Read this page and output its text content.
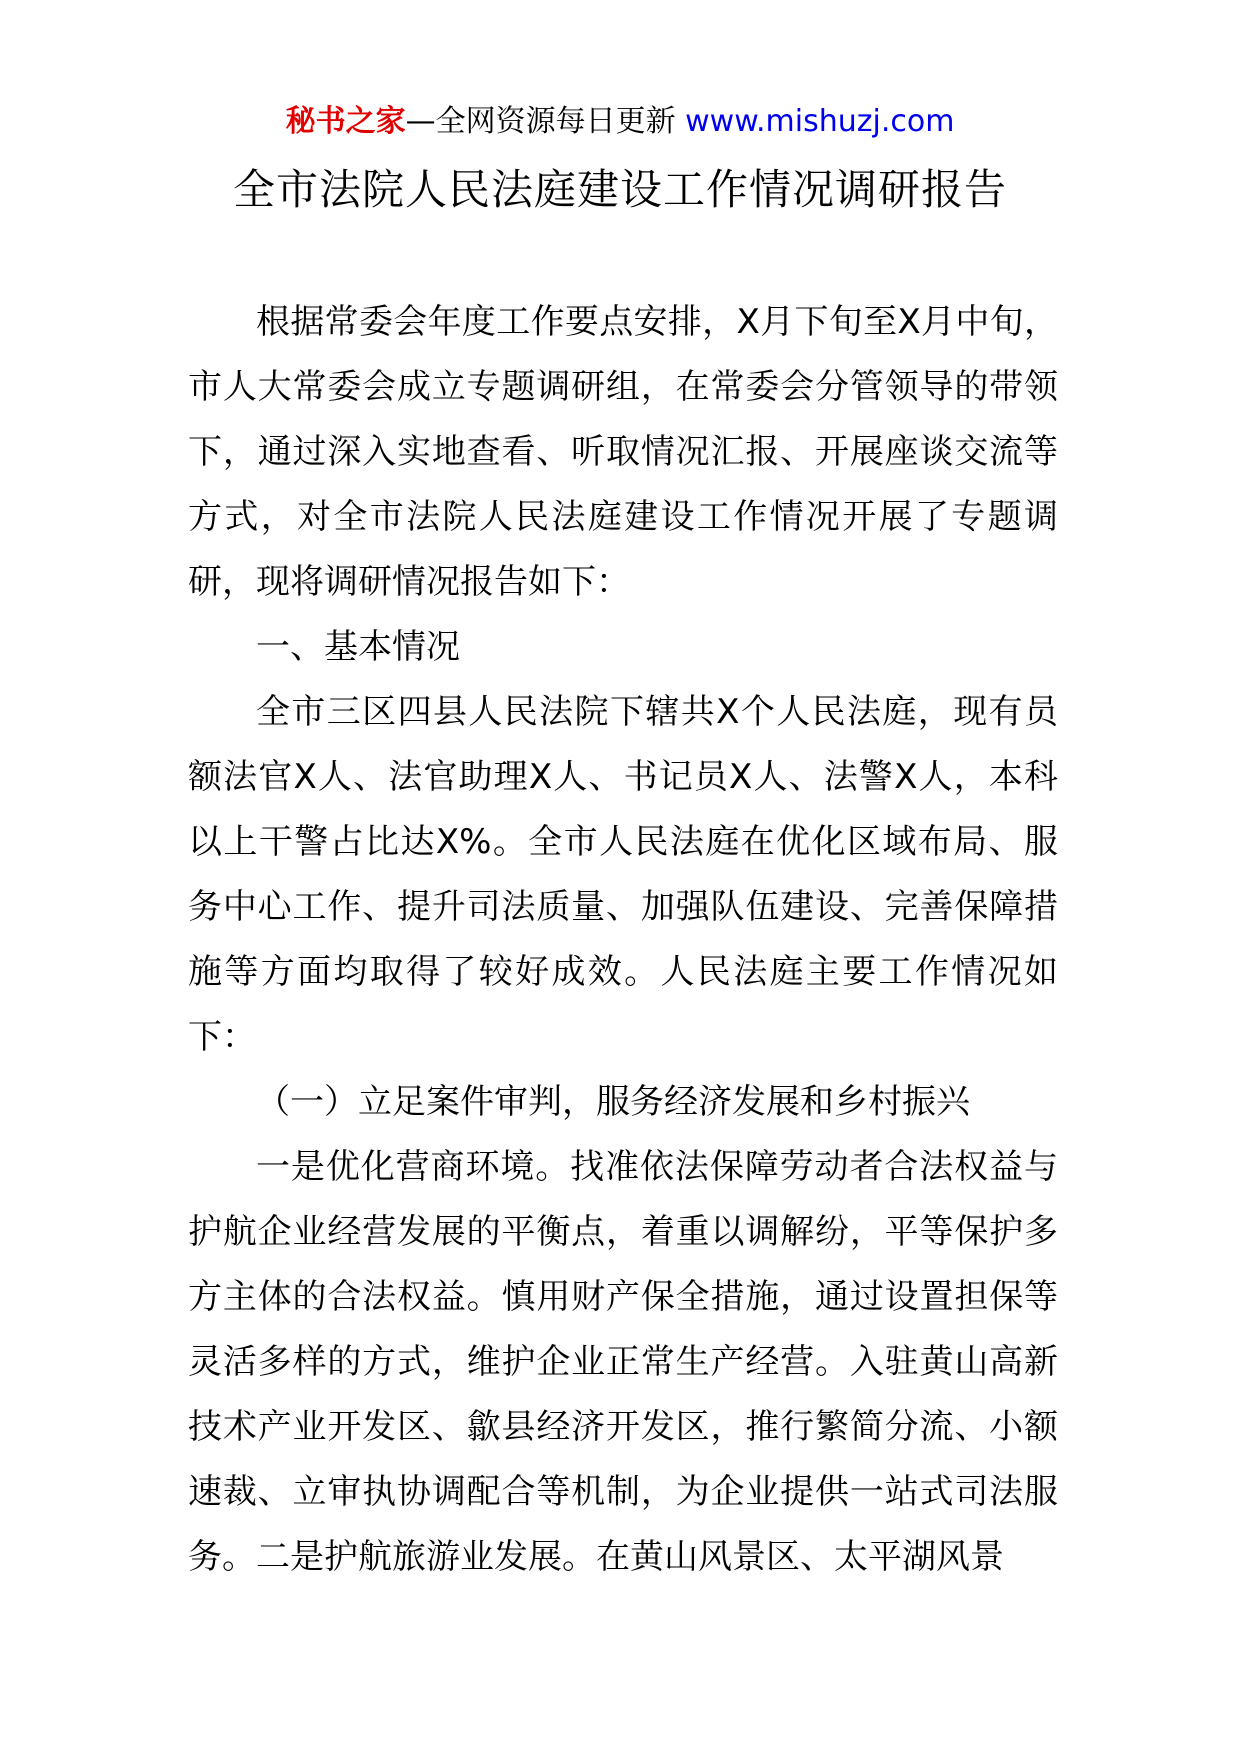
秘书之家—全网资源每日更新 www.mishuzj.com
全市法院人民法庭建设工作情况调研报告

根据常委会年度工作要点安排，X月下旬至X月中旬，市人大常委会成立专题调研组，在常委会分管领导的带领下，通过深入实地查看、听取情况汇报、开展座谈交流等方式，对全市法院人民法庭建设工作情况开展了专题调研，现将调研情况报告如下：

一、基本情况

全市三区四县人民法院下辖共X个人民法庭，现有员额法官X人、法官助理X人、书记员X人、法警X人，本科以上干警占比达X%。全市人民法庭在优化区域布局、服务中心工作、提升司法质量、加强队伍建设、完善保障措施等方面均取得了较好成效。人民法庭主要工作情况如下：

（一）立足案件审判，服务经济发展和乡村振兴

一是优化营商环境。找准依法保障劳动者合法权益与护航企业经营发展的平衡点，着重以调解纷，平等保护多方主体的合法权益。慎用财产保全措施，通过设置担保等灵活多样的方式，维护企业正常生产经营。入驻黄山高新技术产业开发区、歙县经济开发区，推行繁简分流、小额速裁、立审执协调配合等机制，为企业提供一站式司法服务。二是护航旅游业发展。在黄山风景区、太平湖风景
